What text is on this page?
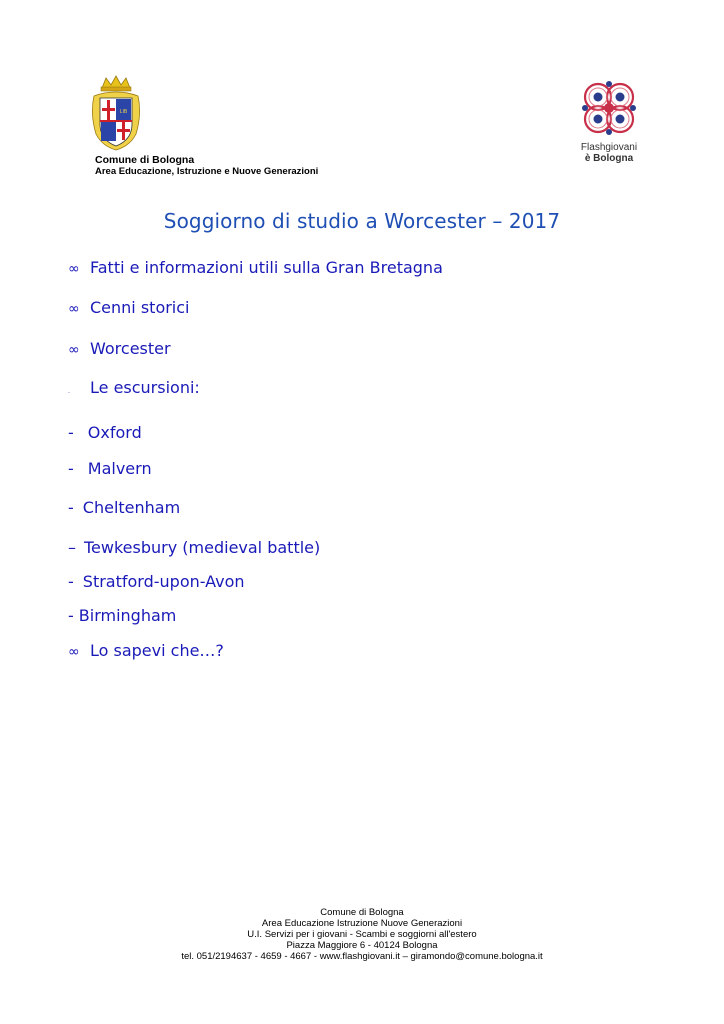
LIB
Comune di Bologna
Area Educazione, Istruzione e Nuove Generazioni
Flashgiovani
è Bologna
Soggiorno di studio a Worcester – 2017
∞ Fatti e informazioni utili sulla Gran Bretagna
∞ Cenni storici
∞ Worcester
.	Le escursioni:
- Oxford
- Malvern
- Cheltenham
– Tewkesbury (medieval battle)
- Stratford-upon-Avon
- Birmingham
∞ Lo sapevi che…?
Comune di Bologna
Area Educazione Istruzione Nuove Generazioni
U.I. Servizi per i giovani - Scambi e soggiorni all'estero
Piazza Maggiore 6 - 40124 Bologna
tel. 051/2194637 - 4659 - 4667 - www.flashgiovani.it – giramondo@comune.bologna.it
